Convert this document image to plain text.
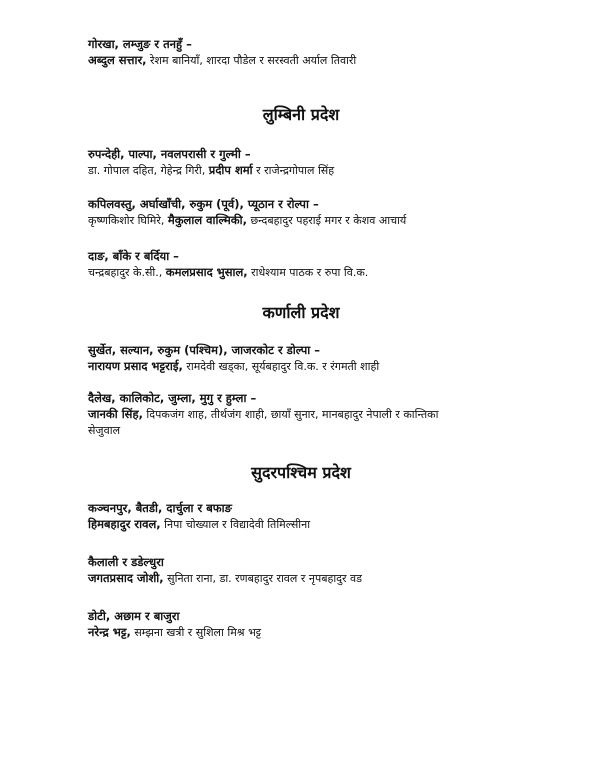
गोरखा, लम्जुङ र तनहुँ –
अब्दुल सत्तार, रेशम बानियाँ, शारदा पौडेल र सरस्वती अर्याल तिवारी
लुम्बिनी प्रदेश
रुपन्देही, पाल्पा, नवलपरासी र गुल्मी –
डा. गोपाल दहित, गेहेन्द्र गिरी, प्रदीप शर्मा र राजेन्द्रगोपाल सिंह
कपिलवस्तु, अर्घाखाँची, रुकुम (पूर्व), प्यूठान र रोल्पा –
कृष्णकिशोर घिमिरे, मैकुलाल वाल्मिकी, छन्दबहादुर पहराई मगर र केशव आचार्य
दाङ, बाँके र बर्दिया –
चन्द्रबहादुर के.सी., कमलप्रसाद भुसाल, राधेश्याम पाठक र रुपा वि.क.
कर्णाली प्रदेश
सुर्खेत, सल्यान, रुकुम (पश्चिम), जाजरकोट र डोल्पा –
नारायण प्रसाद भट्टराई, रामदेवी खड्का, सूर्यबहादुर वि.क. र रंगमती शाही
दैलेख, कालिकोट, जुम्ला, मुगु र हुम्ला –
जानकी सिंह, दिपकजंग शाह, तीर्थजंग शाही, छायाँ सुनार, मानबहादुर नेपाली र कान्तिका सेजुवाल
सुदरपश्चिम प्रदेश
कञ्चनपुर, बैतडी, दार्चुला र बफाङ
हिमबहादुर रावल, निपा चोख्याल र विद्यादेवी तिमिल्सीना
कैलाली र डडेल्धुरा
जगतप्रसाद जोशी, सुनिता राना, डा. रणबहादुर रावल र नृपबहादुर वड
डोटी, अछाम र बाजुरा
नरेन्द्र भट्ट, सम्झना खत्री र सुशिला मिश्र भट्ट
